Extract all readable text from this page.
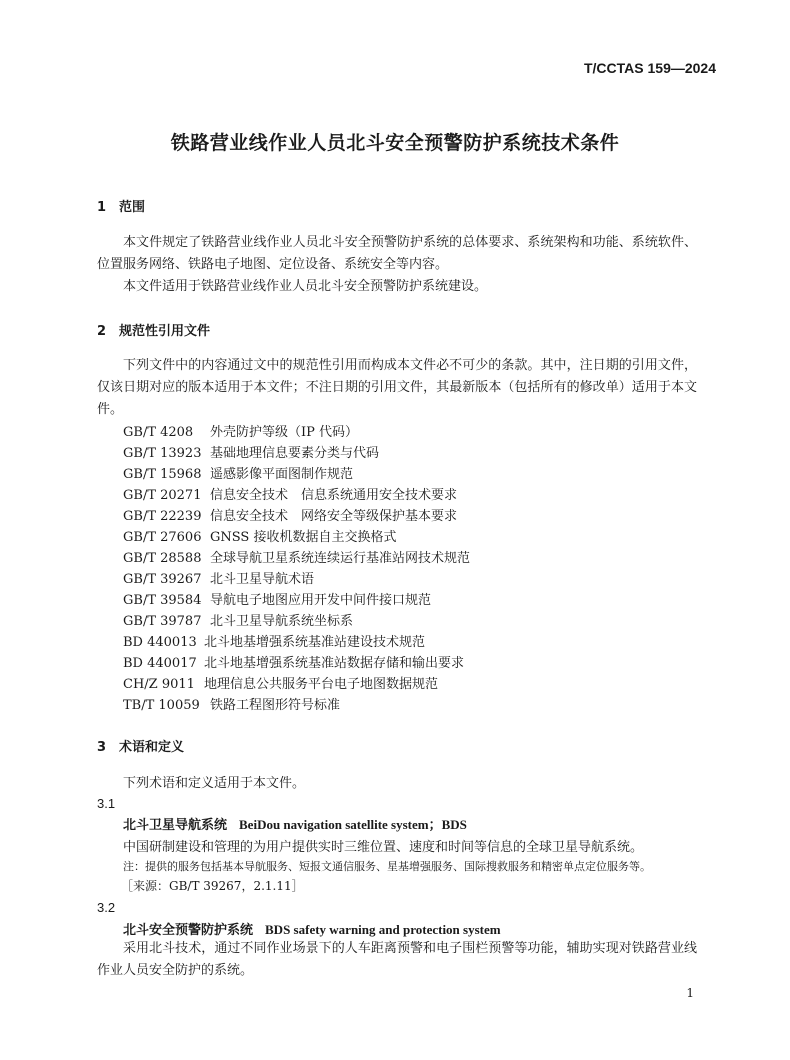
T/CCTAS 159—2024
铁路营业线作业人员北斗安全预警防护系统技术条件
1 范围
本文件规定了铁路营业线作业人员北斗安全预警防护系统的总体要求、系统架构和功能、系统软件、位置服务网络、铁路电子地图、定位设备、系统安全等内容。
本文件适用于铁路营业线作业人员北斗安全预警防护系统建设。
2 规范性引用文件
下列文件中的内容通过文中的规范性引用而构成本文件必不可少的条款。其中，注日期的引用文件，仅该日期对应的版本适用于本文件；不注日期的引用文件，其最新版本（包括所有的修改单）适用于本文件。
GB/T 4208 外壳防护等级（IP 代码）
GB/T 13923 基础地理信息要素分类与代码
GB/T 15968 遥感影像平面图制作规范
GB/T 20271 信息安全技术　信息系统通用安全技术要求
GB/T 22239 信息安全技术　网络安全等级保护基本要求
GB/T 27606 GNSS 接收机数据自主交换格式
GB/T 28588 全球导航卫星系统连续运行基准站网技术规范
GB/T 39267 北斗卫星导航术语
GB/T 39584 导航电子地图应用开发中间件接口规范
GB/T 39787 北斗卫星导航系统坐标系
BD 440013 北斗地基增强系统基准站建设技术规范
BD 440017 北斗地基增强系统基准站数据存储和输出要求
CH/Z 9011 地理信息公共服务平台电子地图数据规范
TB/T 10059 铁路工程图形符号标准
3 术语和定义
下列术语和定义适用于本文件。
3.1
北斗卫星导航系统 BeiDou navigation satellite system；BDS
中国研制建设和管理的为用户提供实时三维位置、速度和时间等信息的全球卫星导航系统。
注：提供的服务包括基本导航服务、短报文通信服务、星基增强服务、国际搜救服务和精密单点定位服务等。
［来源：GB/T 39267，2.1.11］
3.2
北斗安全预警防护系统 BDS safety warning and protection system
采用北斗技术，通过不同作业场景下的人车距离预警和电子围栏预警等功能，辅助实现对铁路营业线作业人员安全防护的系统。
1
